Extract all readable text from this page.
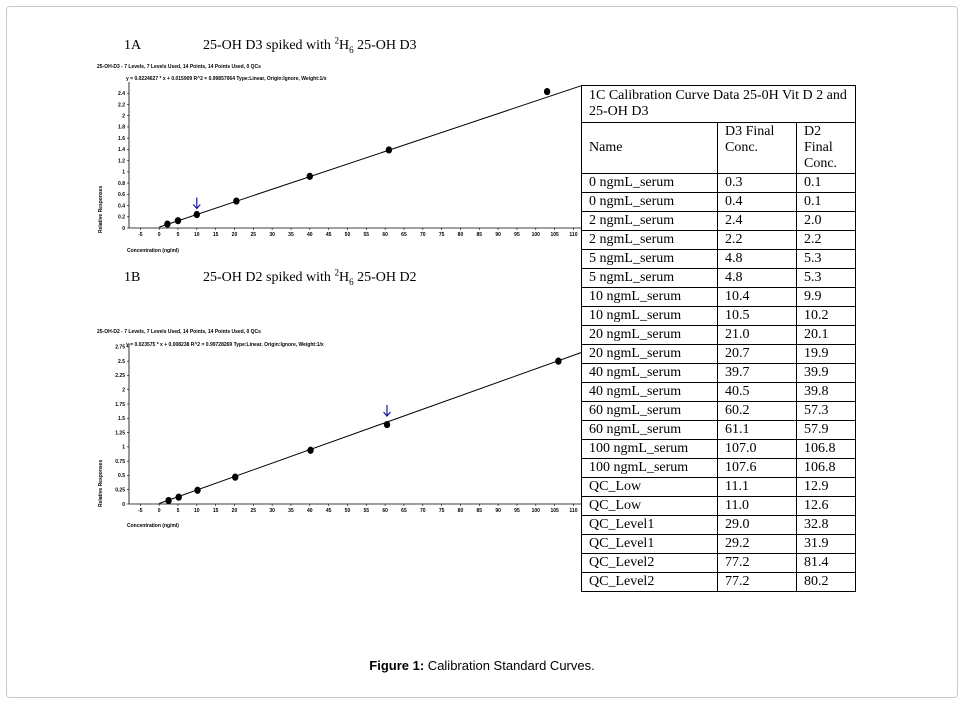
1A	25-OH D3 spiked with $^2H_6$ 25-OH D3
25-OH-D3 - 7 Levels, 7 Levels Used, 14 Points, 14 Points Used, 0 QCs
y = 0.0224627 * x + 0.015909 R^2 = 0.99857064 Type:Linear, Origin:Ignore, Weight:1/x
0
0.2
0.4
0.6
0.8
1
1.2
1.4
1.6
1.8
2
2.2
2.4
-5	0	5	10	15	20	25	30	35	40	45	50	55	60	65	70	75	80	85	90	95 100 105 110
Concentration (ng/ml)
Relative Responses
1B	25-OH D2 spiked with $^2H_6$ 25-OH D2
25-OH-D2 - 7 Levels, 7 Levels Used, 14 Points, 14 Points Used, 0 QCs
y = 0.023575 * x + 0.008238 R^2 = 0.99728269 Type:Linear, Origin:Ignore, Weight:1/x
0
0.25
0.5
0.75
1
1.25
1.5
1.75
2
2.25
2.5
2.75
-5	0	5	10	15	20	25	30	35	40	45	50	55	60	65	70	75	80	85	90	95 100 105 110
Concentration (ng/ml)
Relative Responses
1C Calibration Curve Data 25-0H Vit D 2 and 25-OH D3		
Name	D3 Final Conc.	D2 Final Conc.
0 ngmL_serum	0.3	0.1
0 ngmL_serum	0.4	0.1
2 ngmL_serum	2.4	2.0
2 ngmL_serum	2.2	2.2
5 ngmL_serum	4.8	5.3
5 ngmL_serum	4.8	5.3
10 ngmL_serum	10.4	9.9
10 ngmL_serum	10.5	10.2
20 ngmL_serum	21.0	20.1
20 ngmL_serum	20.7	19.9
40 ngmL_serum	39.7	39.9
40 ngmL_serum	40.5	39.8
60 ngmL_serum	60.2	57.3
60 ngmL_serum	61.1	57.9
100 ngmL_serum	107.0	106.8
100 ngmL_serum	107.6	106.8
QC_Low	11.1	12.9
QC_Low	11.0	12.6
QC_Level1	29.0	32.8
QC_Level1	29.2	31.9
QC_Level2	77.2	81.4
QC_Level2	77.2	80.2
Figure 1: Calibration Standard Curves.
